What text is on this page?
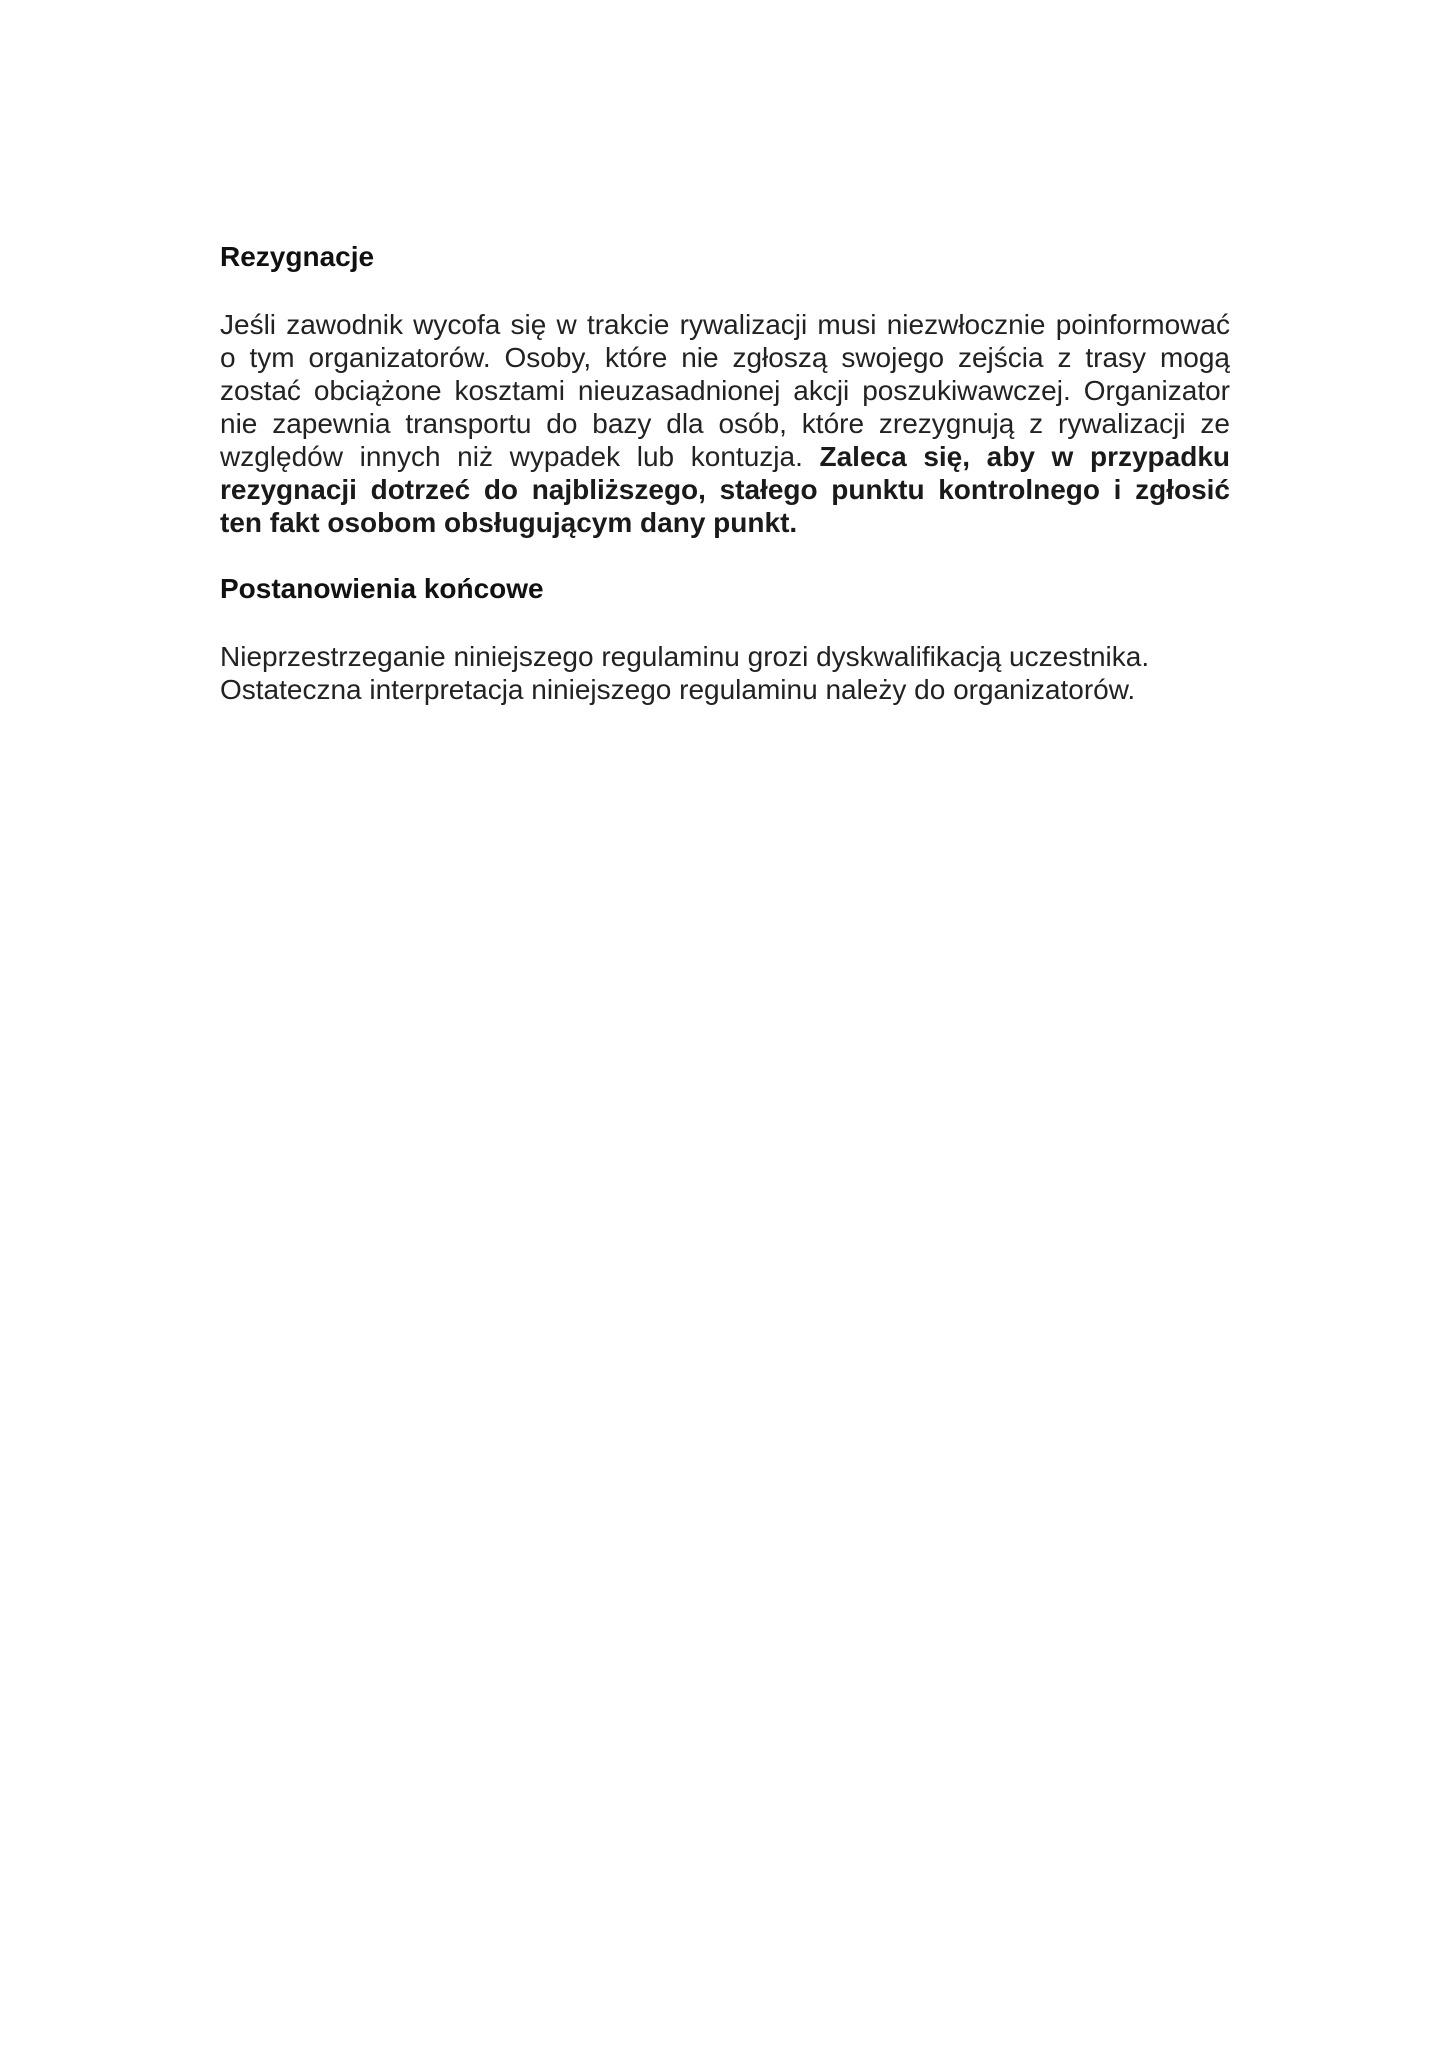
Rezygnacje

Jeśli zawodnik wycofa się w trakcie rywalizacji musi niezwłocznie poinformować o tym organizatorów. Osoby, które nie zgłoszą swojego zejścia z trasy mogą zostać obciążone kosztami nieuzasadnionej akcji poszukiwawczej. Organizator nie zapewnia transportu do bazy dla osób, które zrezygnują z rywalizacji ze względów innych niż wypadek lub kontuzja. Zaleca się, aby w przypadku rezygnacji dotrzeć do najbliższego, stałego punktu kontrolnego i zgłosić ten fakt osobom obsługującym dany punkt.

Postanowienia końcowe

Nieprzestrzeganie niniejszego regulaminu grozi dyskwalifikacją uczestnika.
Ostateczna interpretacja niniejszego regulaminu należy do organizatorów.
